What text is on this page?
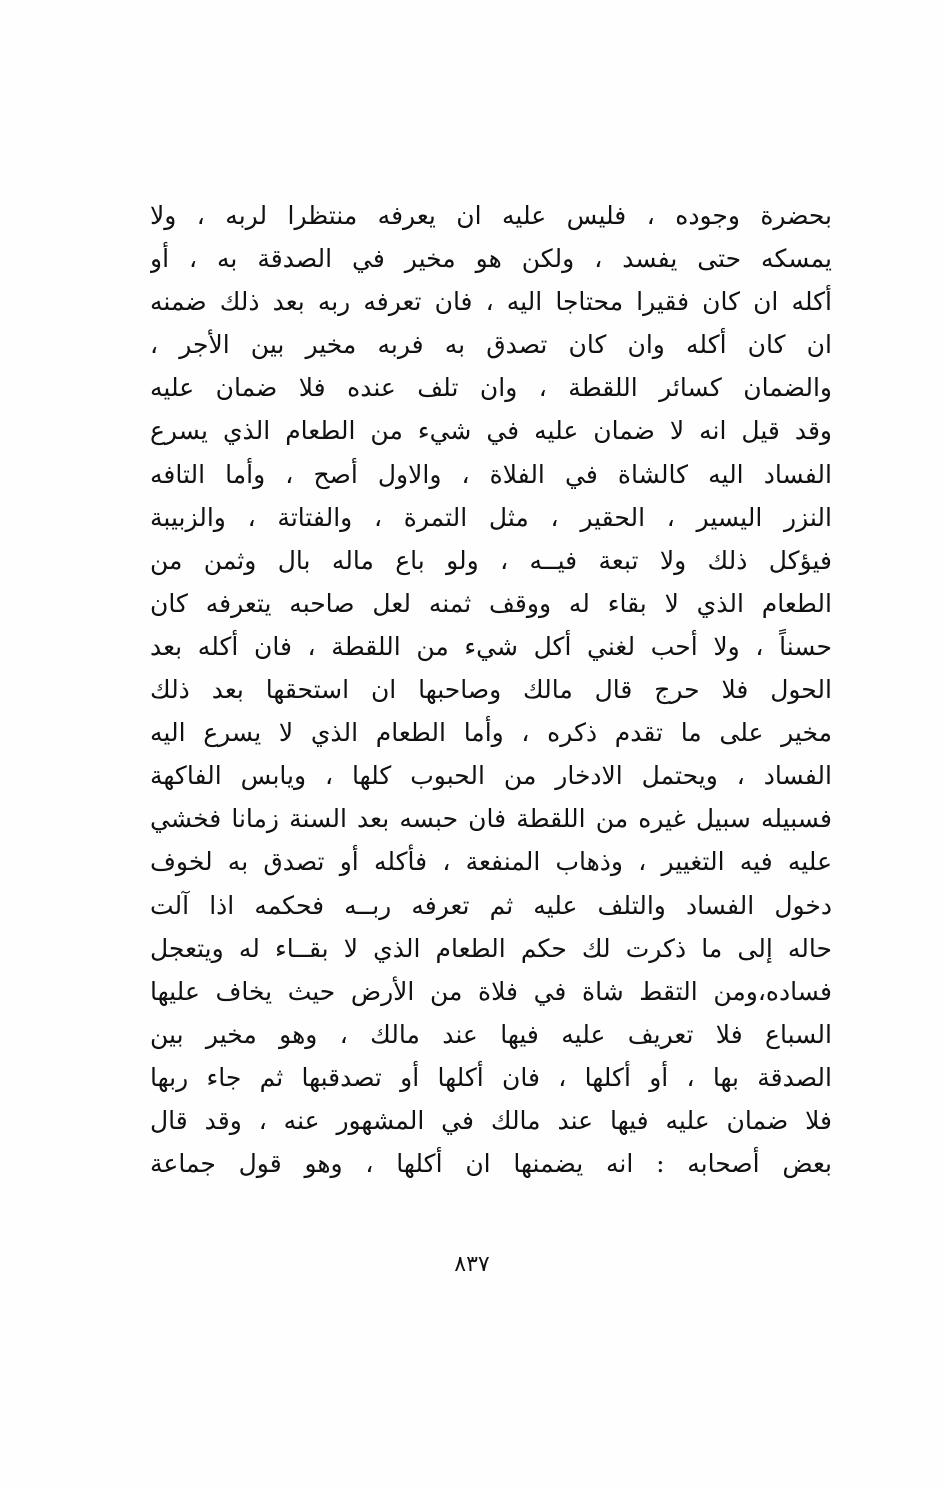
بحضرة وجوده ، فليس عليه ان يعرفه منتظرا لربه ، ولا
يمسكه حتى يفسد ، ولكن هو مخير في الصدقة به ، أو
أكله ان كان فقيرا محتاجا اليه ، فان تعرفه ربه بعد ذلك ضمنه
ان كان أكله وان كان تصدق به فربه مخير بين الأجر ،
والضمان كسائر اللقطة ، وان تلف عنده فلا ضمان عليه
وقد قيل انه لا ضمان عليه في شيء من الطعام الذي يسرع
الفساد اليه كالشاة في الفلاة ، والاول أصح ، وأما التافه
النزر اليسير ، الحقير ، مثل التمرة ، والفتاتة ، والزبيبة
فيؤكل ذلك ولا تبعة فيــه ، ولو باع ماله بال وثمن من
الطعام الذي لا بقاء له ووقف ثمنه لعل صاحبه يتعرفه كان
حسناً ، ولا أحب لغني أكل شيء من اللقطة ، فان أكله بعد
الحول فلا حرج قال مالك وصاحبها ان استحقها بعد ذلك
مخير على ما تقدم ذكره ، وأما الطعام الذي لا يسرع اليه
الفساد ، ويحتمل الادخار من الحبوب كلها ، ويابس الفاكهة
فسبيله سبيل غيره من اللقطة فان حبسه بعد السنة زمانا فخشي
عليه فيه التغيير ، وذهاب المنفعة ، فأكله أو تصدق به لخوف
دخول الفساد والتلف عليه ثم تعرفه ربــه فحكمه اذا آلت
حاله إلى ما ذكرت لك حكم الطعام الذي لا بقــاء له ويتعجل
فساده،ومن التقط شاة في فلاة من الأرض حيث يخاف عليها
السباع فلا تعريف عليه فيها عند مالك ، وهو مخير بين
الصدقة بها ، أو أكلها ، فان أكلها أو تصدقبها ثم جاء ربها
فلا ضمان عليه فيها عند مالك في المشهور عنه ، وقد قال
بعض أصحابه : انه يضمنها ان أكلها ، وهو قول جماعة
٨٣٧
